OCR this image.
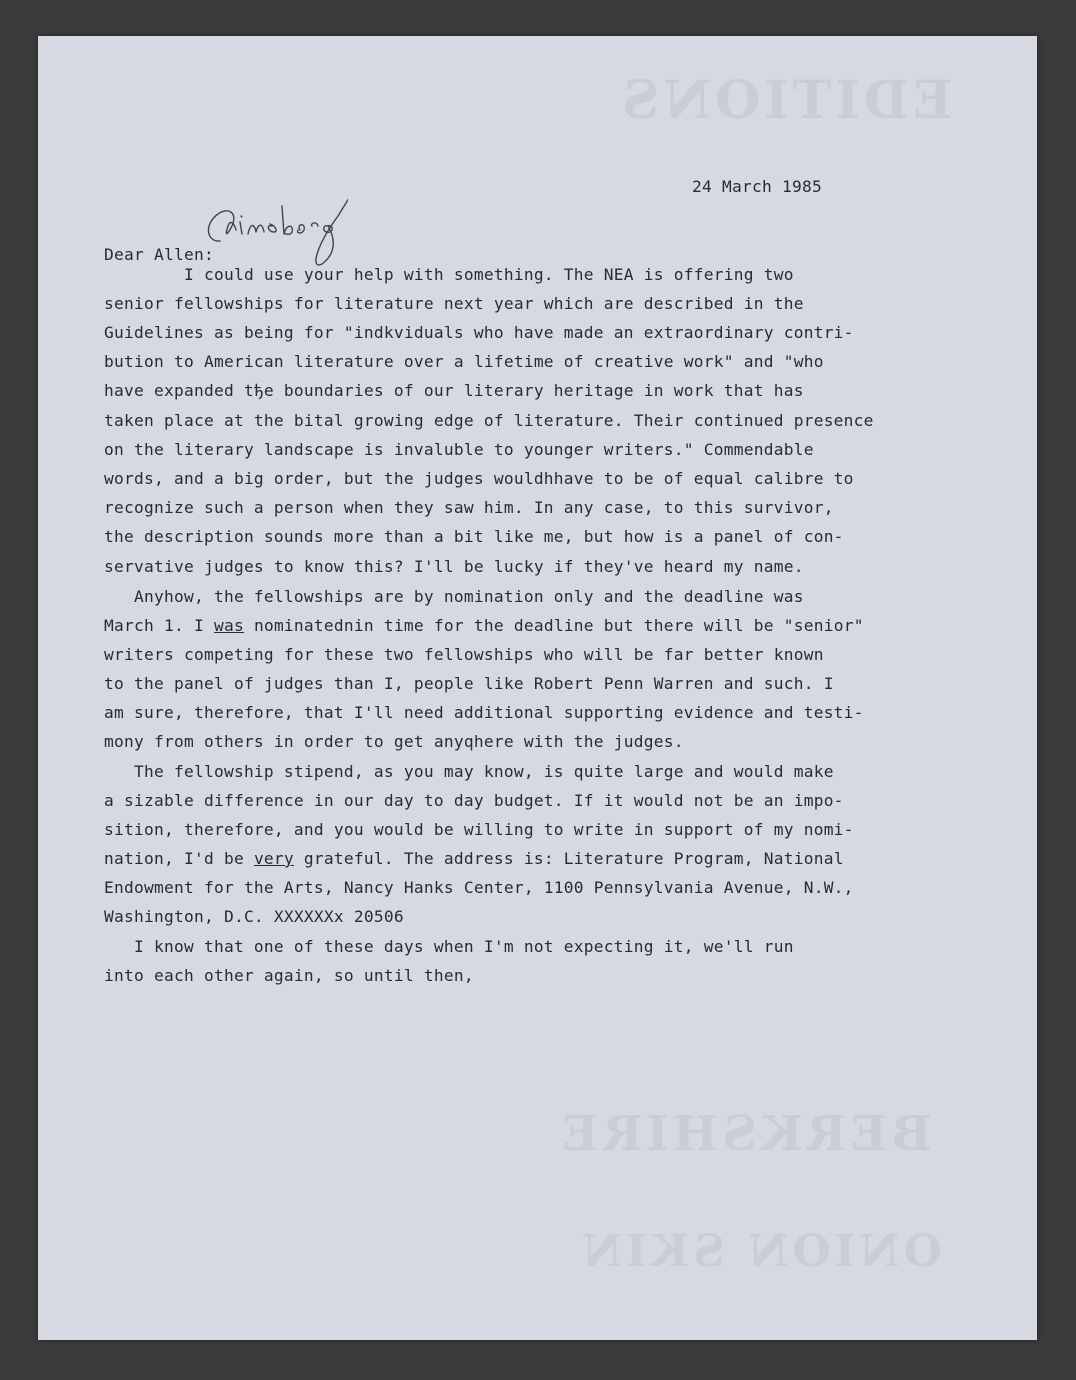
EDITIONS
BERKSHIRE
ONION SKIN
24 March 1985
Dear Allen:
I could use your help with something. The NEA is offering two
senior fellowships for literature next year which are described in the
Guidelines as being for "indkviduals who have made an extraordinary contri-
bution to American literature over a lifetime of creative work" and "who
have expanded tђe boundaries of our literary heritage in work that has
taken place at the bital growing edge of literature. Their continued presence
on the literary landscape is invaluble to younger writers." Commendable
words, and a big order, but the judges wouldhhave to be of equal calibre to
recognize such a person when they saw him. In any case, to this survivor,
the description sounds more than a bit like me, but how is a panel of con-
servative judges to know this? I'll be lucky if they've heard my name.
Anyhow, the fellowships are by nomination only and the deadline was
March 1. I was nominatednin time for the deadline but there will be "senior"
writers competing for these two fellowships who will be far better known
to the panel of judges than I, people like Robert Penn Warren and such. I
am sure, therefore, that I'll need additional supporting evidence and testi-
mony from others in order to get anyqhere with the judges.
The fellowship stipend, as you may know, is quite large and would make
a sizable difference in our day to day budget. If it would not be an impo-
sition, therefore, and you would be willing to write in support of my nomi-
nation, I'd be very grateful. The address is: Literature Program, National
Endowment for the Arts, Nancy Hanks Center, 1100 Pennsylvania Avenue, N.W.,
Washington, D.C. XXXXXXx 20506
I know that one of these days when I'm not expecting it, we'll run
into each other again, so until then,
